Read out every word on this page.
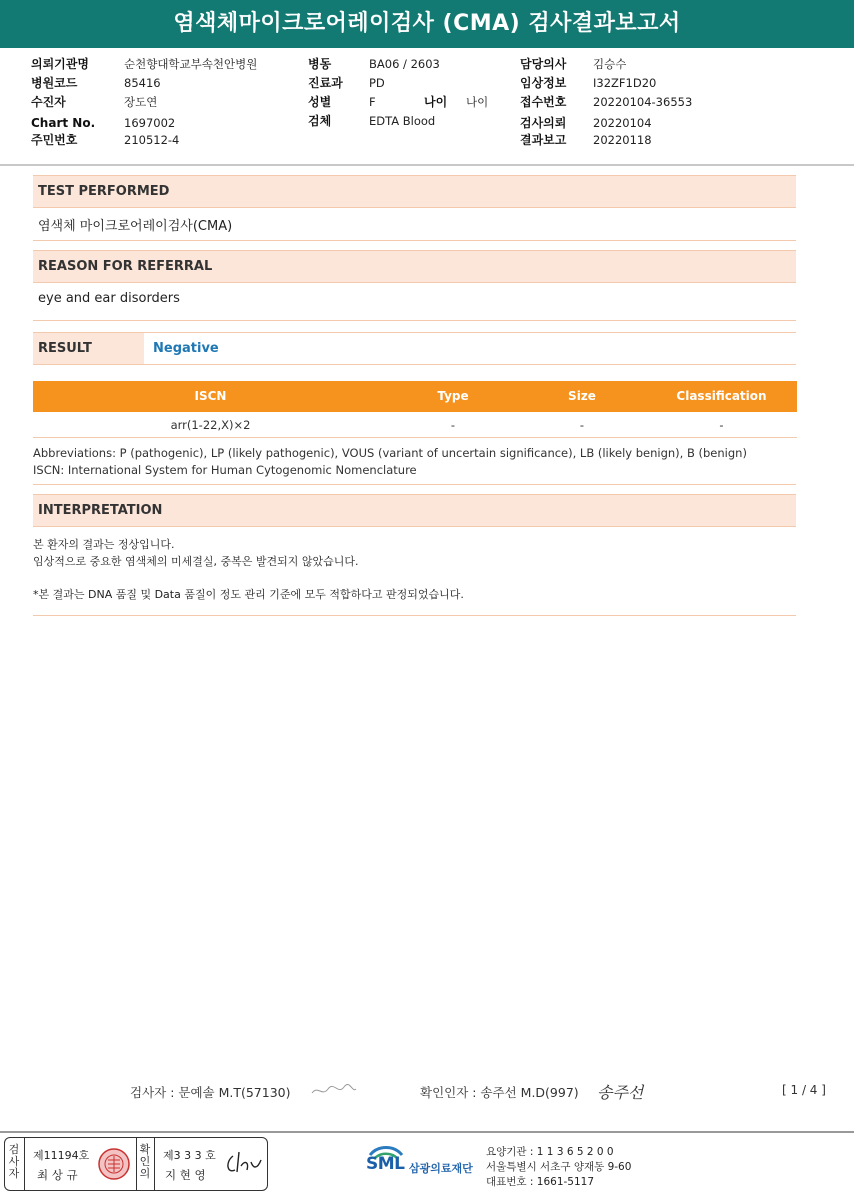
염색체마이크로어레이검사 (CMA) 검사결과보고서
의뢰기관명	순천향대학교부속천안병원
병원코드	85416
수진자	장도연
Chart No.	1697002
주민번호	210512-4
병동	BA06 / 2603
진료과 PD
성별	F	나이 나이
검체	EDTA Blood
담당의사 김승수
임상정보 I32ZF1D20
접수번호 20220104-36553
검사의뢰 20220104
결과보고 20220118
TEST PERFORMED
염색체 마이크로어레이검사(CMA)
REASON FOR REFERRAL
eye and ear disorders
RESULT	Negative
ISCN	Type	Size	Classification
arr(1-22,X)×2	-	-	-
Abbreviations: P (pathogenic), LP (likely pathogenic), VOUS (variant of uncertain significance), LB (likely benign), B (benign)
ISCN: International System for Human Cytogenomic Nomenclature
INTERPRETATION
본 환자의 결과는 정상입니다.
임상적으로 중요한 염색체의 미세결실, 중복은 발견되지 않았습니다.
*본 결과는 DNA 품질 및 Data 품질이 정도 관리 기준에 모두 적합하다고 판정되었습니다.
검사자 : 문예솔 M.T(57130)	확인인자 : 송주선 M.D(997) 송주선	[ 1 / 4 ]
검
사
자
제11194호
최 상 규
확
인
의
제3 3 3 호
지 현 영
SML 삼광의료재단
요양기관 : 1 1 3 6 5 2 0 0
서울특별시 서초구 양재동 9-60
대표번호 : 1661-5117
